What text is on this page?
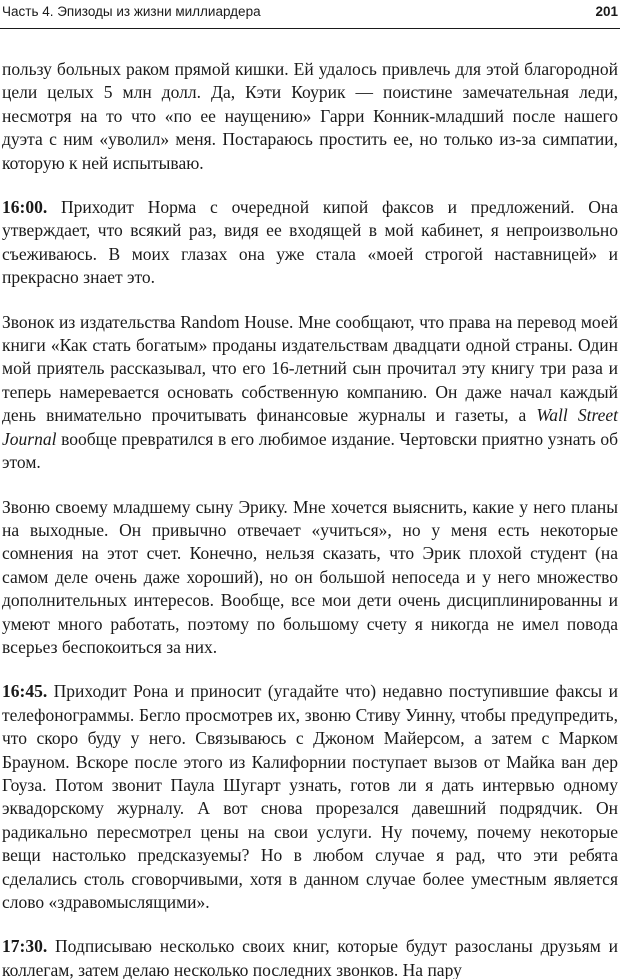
Часть 4. Эпизоды из жизни миллиардера	201

пользу больных раком прямой кишки. Ей удалось привлечь для этой благородной цели целых 5 млн долл. Да, Кэти Коурик — поистине замечательная леди, несмотря на то что «по ее наущению» Гарри Конник-младший после нашего дуэта с ним «уволил» меня. Постараюсь простить ее, но только из-за симпатии, которую к ней испытываю.

16:00. Приходит Норма с очередной кипой факсов и предложений. Она утверждает, что всякий раз, видя ее входящей в мой кабинет, я непроизвольно съеживаюсь. В моих глазах она уже стала «моей строгой наставницей» и прекрасно знает это.

Звонок из издательства Random House. Мне сообщают, что права на перевод моей книги «Как стать богатым» проданы издательствам двадцати одной страны. Один мой приятель рассказывал, что его 16-летний сын прочитал эту книгу три раза и теперь намеревается основать собственную компанию. Он даже начал каждый день внимательно прочитывать финансовые журналы и газеты, а Wall Street Journal вообще превратился в его любимое издание. Чертовски приятно узнать об этом.

Звоню своему младшему сыну Эрику. Мне хочется выяснить, какие у него планы на выходные. Он привычно отвечает «учиться», но у меня есть некоторые сомнения на этот счет. Конечно, нельзя сказать, что Эрик плохой студент (на самом деле очень даже хороший), но он большой непоседа и у него множество дополнительных интересов. Вообще, все мои дети очень дисциплинированны и умеют много работать, поэтому по большому счету я никогда не имел повода всерьез беспокоиться за них.

16:45. Приходит Рона и приносит (угадайте что) недавно поступившие факсы и телефонограммы. Бегло просмотрев их, звоню Стиву Уинну, чтобы предупредить, что скоро буду у него. Связываюсь с Джоном Майерсом, а затем с Марком Брауном. Вскоре после этого из Калифорнии поступает вызов от Майка ван дер Гоуза. Потом звонит Паула Шугарт узнать, готов ли я дать интервью одному эквадорскому журналу. А вот снова прорезался давешний подрядчик. Он радикально пересмотрел цены на свои услуги. Ну почему, почему некоторые вещи настолько предсказуемы? Но в любом случае я рад, что эти ребята сделались столь сговорчивыми, хотя в данном случае более уместным является слово «здравомыслящими».

17:30. Подписываю несколько своих книг, которые будут разосланы друзьям и коллегам, затем делаю несколько последних звонков. На пару
